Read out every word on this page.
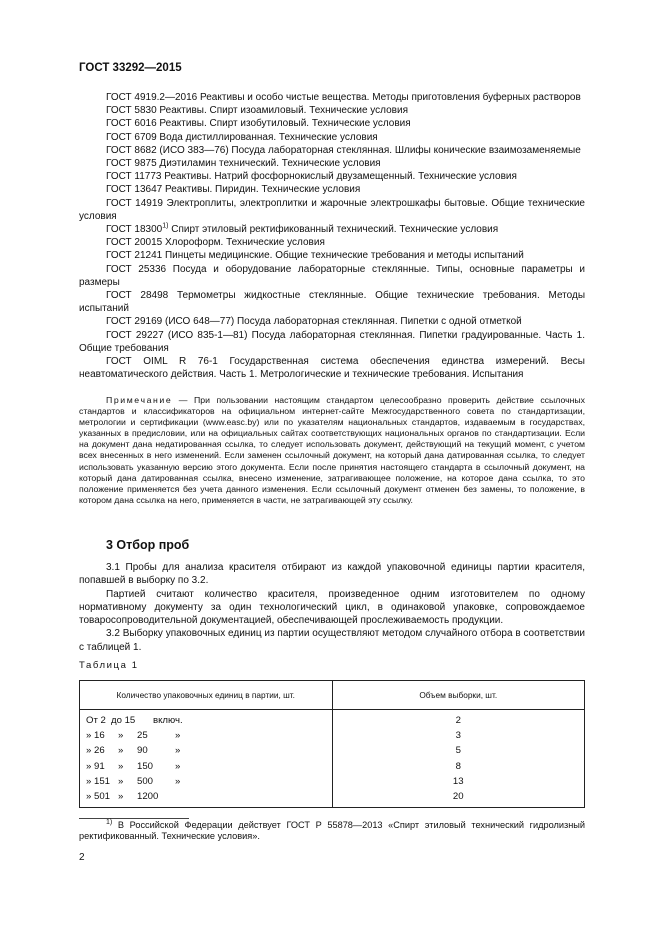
ГОСТ 33292—2015

ГОСТ 4919.2—2016 Реактивы и особо чистые вещества. Методы приготовления буферных растворов

ГОСТ 5830 Реактивы. Спирт изоамиловый. Технические условия

ГОСТ 6016 Реактивы. Спирт изобутиловый. Технические условия

ГОСТ 6709 Вода дистиллированная. Технические условия

ГОСТ 8682 (ИСО 383—76) Посуда лабораторная стеклянная. Шлифы конические взаимозаменяемые

ГОСТ 9875 Диэтиламин технический. Технические условия

ГОСТ 11773 Реактивы. Натрий фосфорнокислый двузамещенный. Технические условия

ГОСТ 13647 Реактивы. Пиридин. Технические условия

ГОСТ 14919 Электроплиты, электроплитки и жарочные электрошкафы бытовые. Общие технические условия

ГОСТ 18300$^{1)}$ Спирт этиловый ректификованный технический. Технические условия

ГОСТ 20015 Хлороформ. Технические условия

ГОСТ 21241 Пинцеты медицинские. Общие технические требования и методы испытаний

ГОСТ 25336 Посуда и оборудование лабораторные стеклянные. Типы, основные параметры и размеры

ГОСТ 28498 Термометры жидкостные стеклянные. Общие технические требования. Методы испытаний

ГОСТ 29169 (ИСО 648—77) Посуда лабораторная стеклянная. Пипетки с одной отметкой

ГОСТ 29227 (ИСО 835-1—81) Посуда лабораторная стеклянная. Пипетки градуированные. Часть 1. Общие требования

ГОСТ OIML R 76-1 Государственная система обеспечения единства измерений. Весы неавтоматического действия. Часть 1. Метрологические и технические требования. Испытания

Примечание — При пользовании настоящим стандартом целесообразно проверить действие ссылочных стандартов и классификаторов на официальном интернет-сайте Межгосударственного совета по стандартизации, метрологии и сертификации (www.easc.by) или по указателям национальных стандартов, издаваемым в государствах, указанных в предисловии, или на официальных сайтах соответствующих национальных органов по стандартизации. Если на документ дана недатированная ссылка, то следует использовать документ, действующий на текущий момент, с учетом всех внесенных в него изменений. Если заменен ссылочный документ, на который дана датированная ссылка, то следует использовать указанную версию этого документа. Если после принятия настоящего стандарта в ссылочный документ, на который дана датированная ссылка, внесено изменение, затрагивающее положение, на которое дана ссылка, то это положение применяется без учета данного изменения. Если ссылочный документ отменен без замены, то положение, в котором дана ссылка на него, применяется в части, не затрагивающей эту ссылку.

3 Отбор проб

3.1 Пробы для анализа красителя отбирают из каждой упаковочной единицы партии красителя, попавшей в выборку по 3.2.

Партией считают количество красителя, произведенное одним изготовителем по одному нормативному документу за один технологический цикл, в одинаковой упаковке, сопровождаемое товаросопроводительной документацией, обеспечивающей прослеживаемость продукции.

3.2 Выборку упаковочных единиц из партии осуществляют методом случайного отбора в соответствии с таблицей 1.

Таблица 1
Количество упаковочных единиц в партии, шт.	Объем выборки, шт.
От 2 до 15 включ.	2
» 16 » 25 »	3
» 26 » 90 »	5
» 91 » 150 »	8
» 151 » 500 »	13
» 501 » 1200	20

$^{1)}$ В Российской Федерации действует ГОСТ Р 55878—2013 «Спирт этиловый технический гидролизный ректификованный. Технические условия».

2
